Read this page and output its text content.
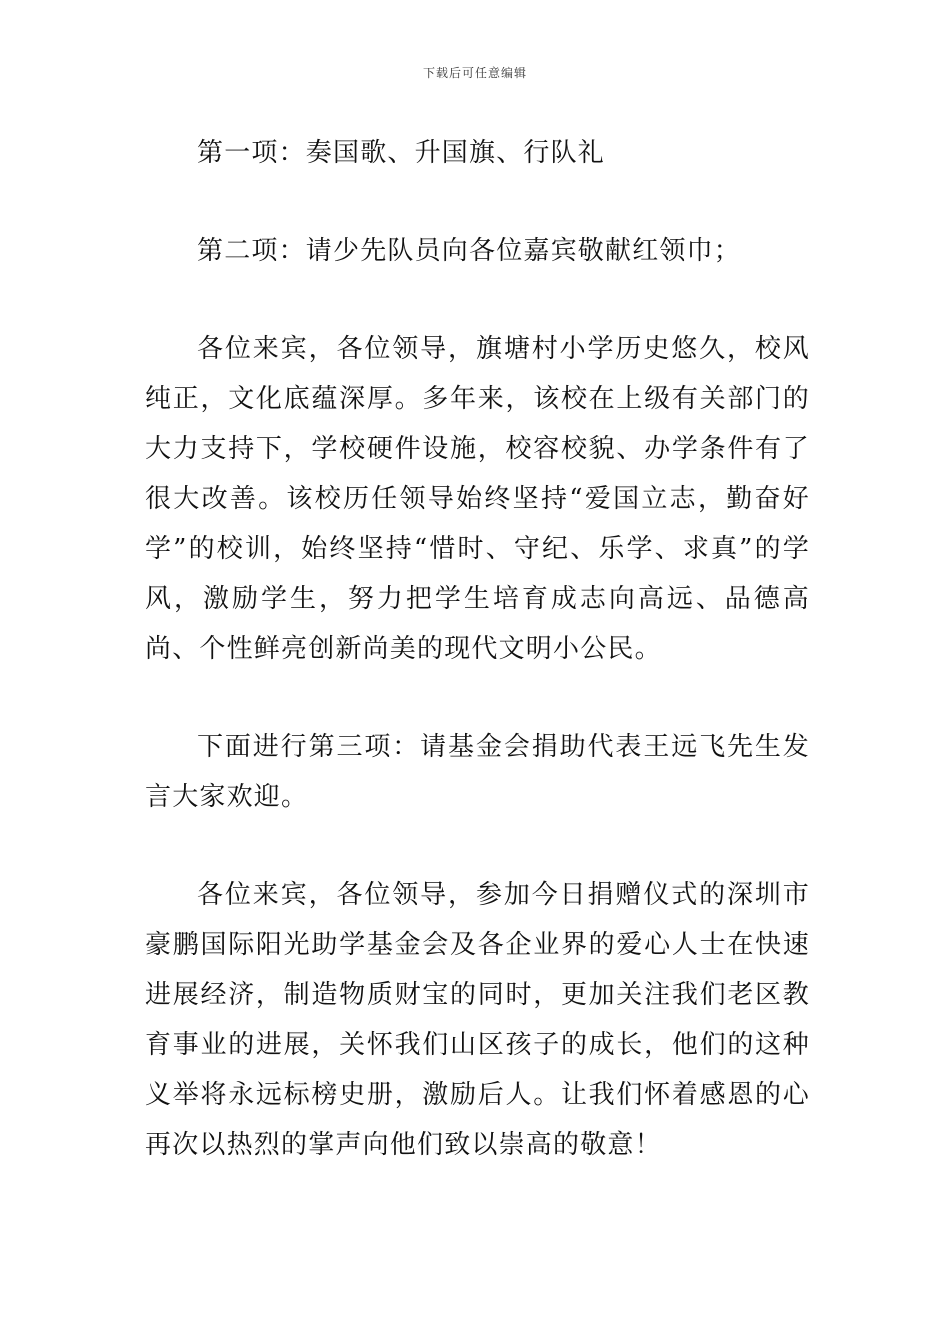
下载后可任意编辑

第一项：奏国歌、升国旗、行队礼

第二项：请少先队员向各位嘉宾敬献红领巾；

各位来宾，各位领导，旗塘村小学历史悠久，校风纯正，文化底蕴深厚。多年来，该校在上级有关部门的大力支持下，学校硬件设施，校容校貌、办学条件有了很大改善。该校历任领导始终坚持“爱国立志，勤奋好学”的校训，始终坚持“惜时、守纪、乐学、求真”的学风，激励学生，努力把学生培育成志向高远、品德高尚、个性鲜亮创新尚美的现代文明小公民。

下面进行第三项：请基金会捐助代表王远飞先生发言大家欢迎。

各位来宾，各位领导，参加今日捐赠仪式的深圳市豪鹏国际阳光助学基金会及各企业界的爱心人士在快速进展经济，制造物质财宝的同时，更加关注我们老区教育事业的进展，关怀我们山区孩子的成长，他们的这种义举将永远标榜史册，激励后人。让我们怀着感恩的心再次以热烈的掌声向他们致以崇高的敬意！
